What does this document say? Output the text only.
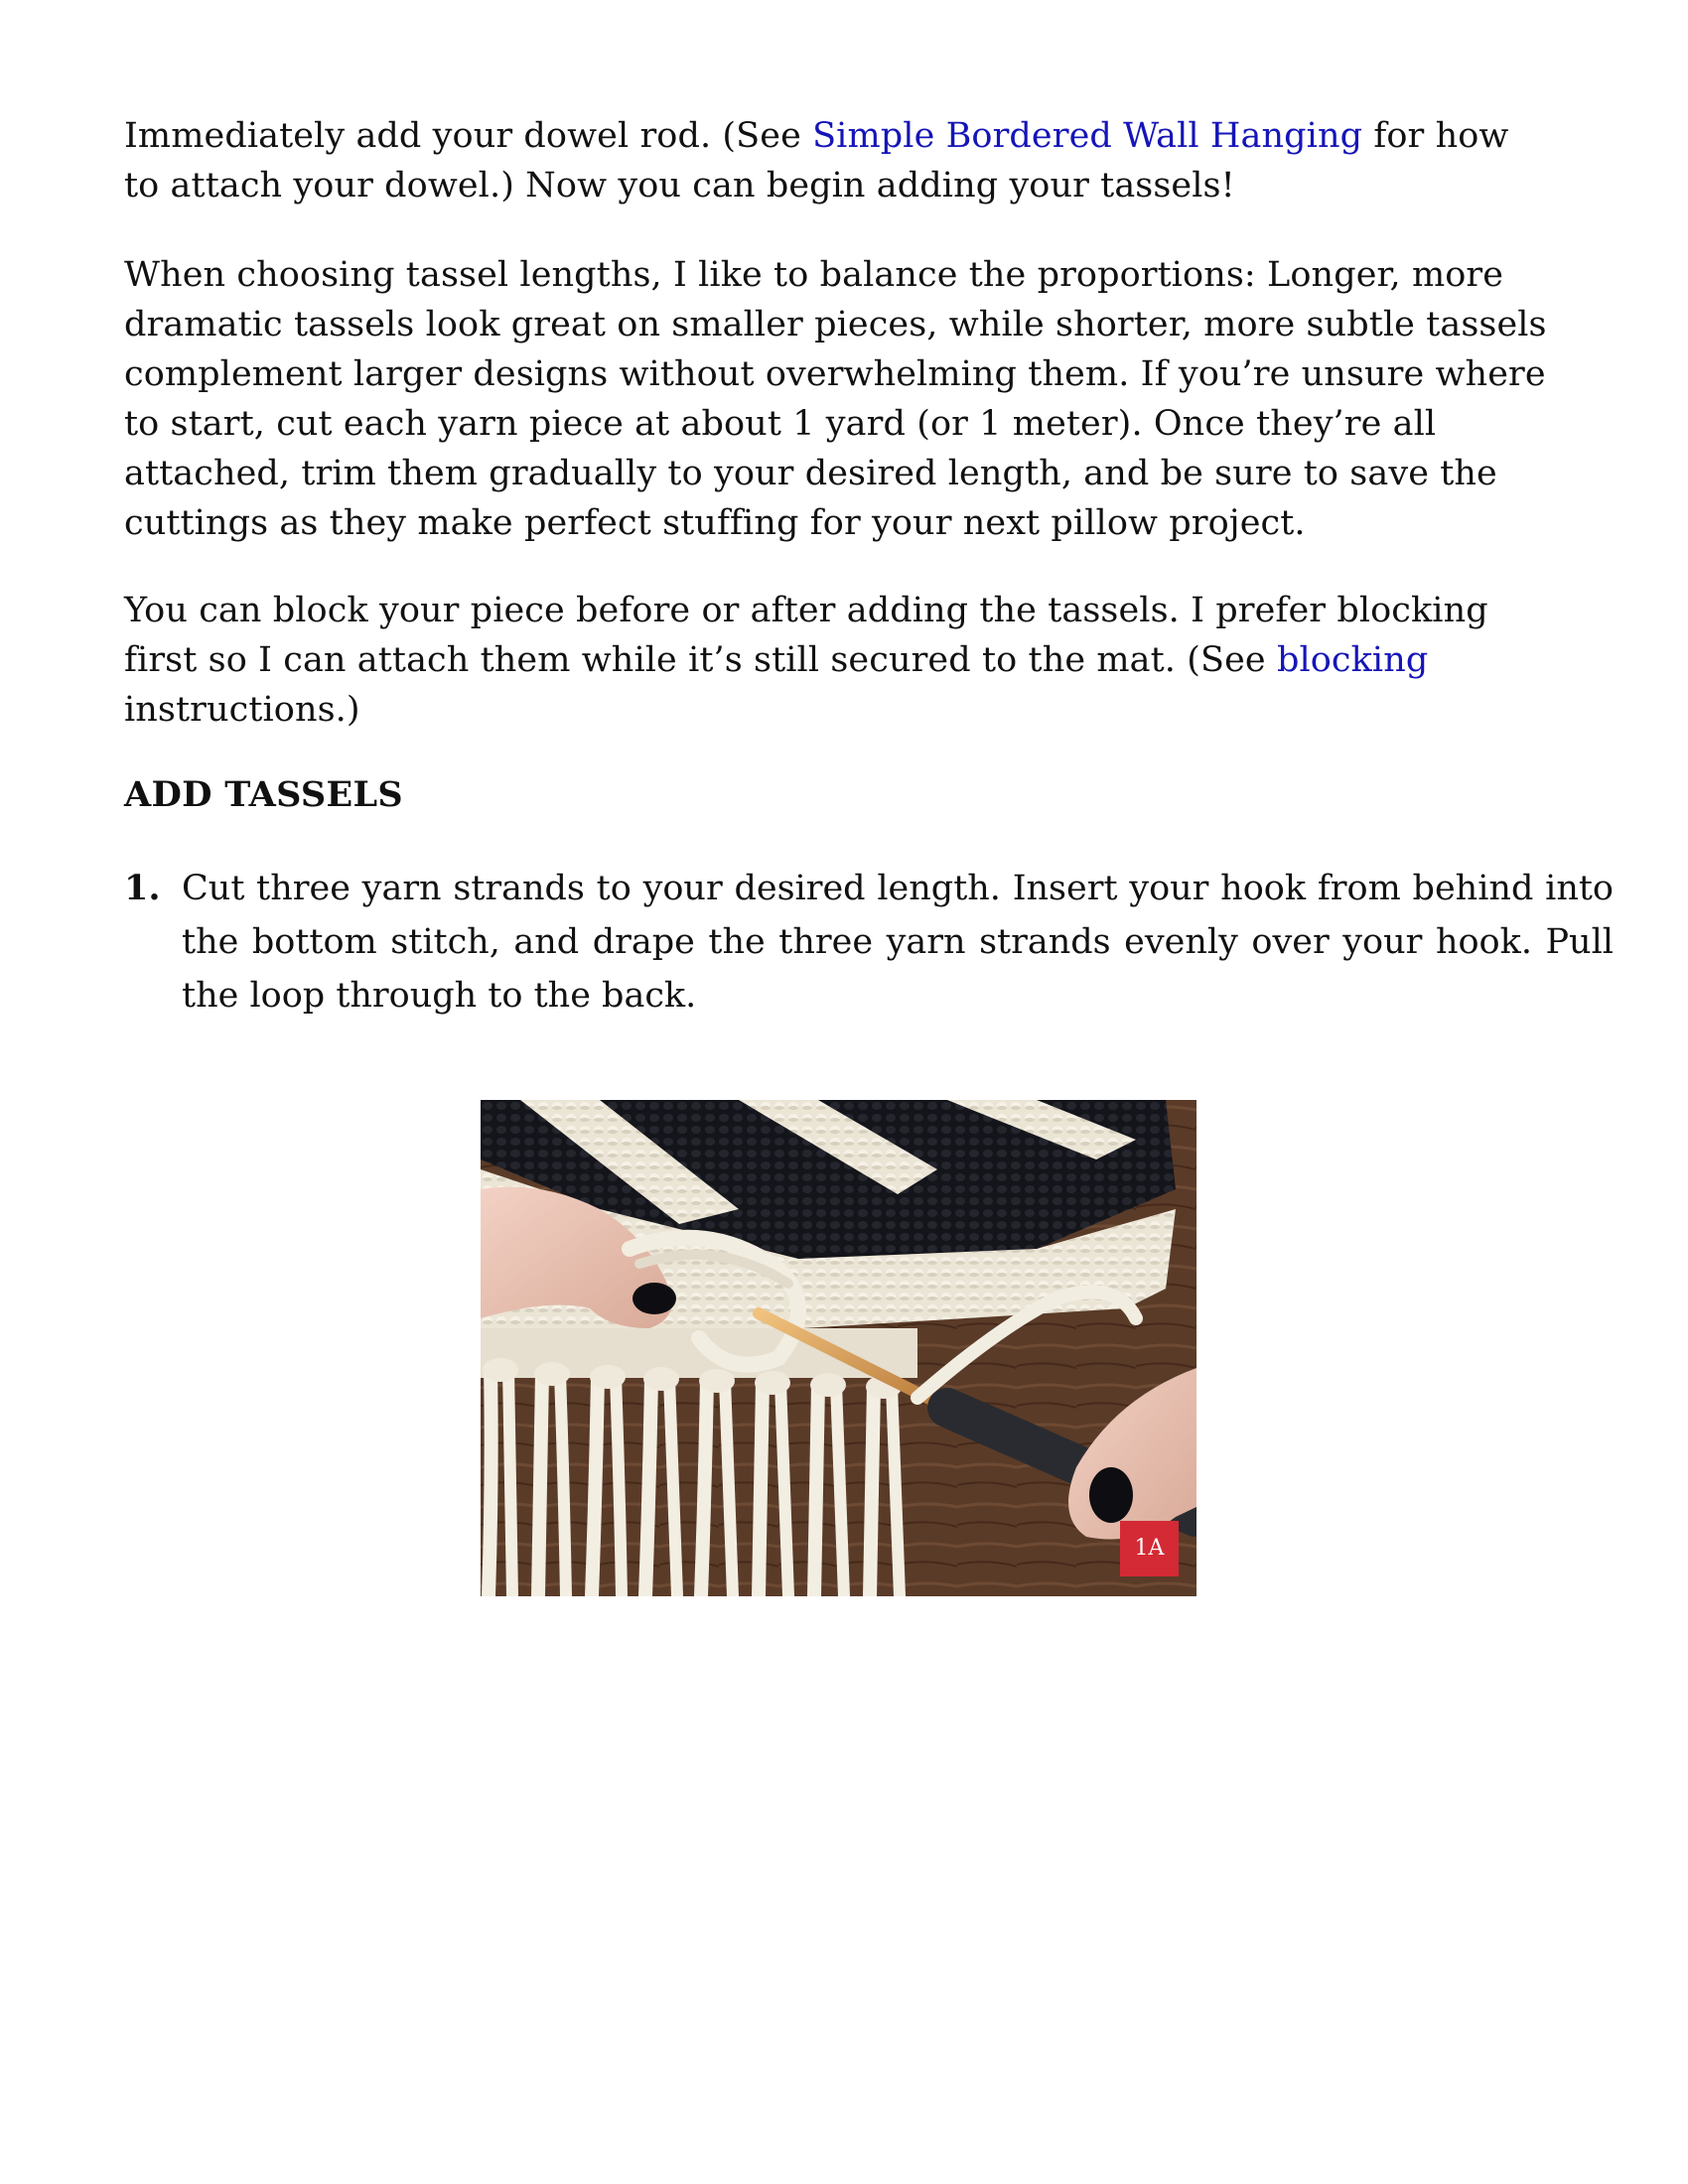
Immediately add your dowel rod. (See Simple Bordered Wall Hanging for how to attach your dowel.) Now you can begin adding your tassels!

When choosing tassel lengths, I like to balance the proportions: Longer, more dramatic tassels look great on smaller pieces, while shorter, more subtle tassels complement larger designs without overwhelming them. If you’re unsure where to start, cut each yarn piece at about 1 yard (or 1 meter). Once they’re all attached, trim them gradually to your desired length, and be sure to save the cuttings as they make perfect stuffing for your next pillow project.

You can block your piece before or after adding the tassels. I prefer blocking first so I can attach them while it’s still secured to the mat. (See blocking instructions.)

ADD TASSELS
1. Cut three yarn strands to your desired length. Insert your hook from behind into the bottom stitch, and drape the three yarn strands evenly over your hook. Pull the loop through to the back.
1A
